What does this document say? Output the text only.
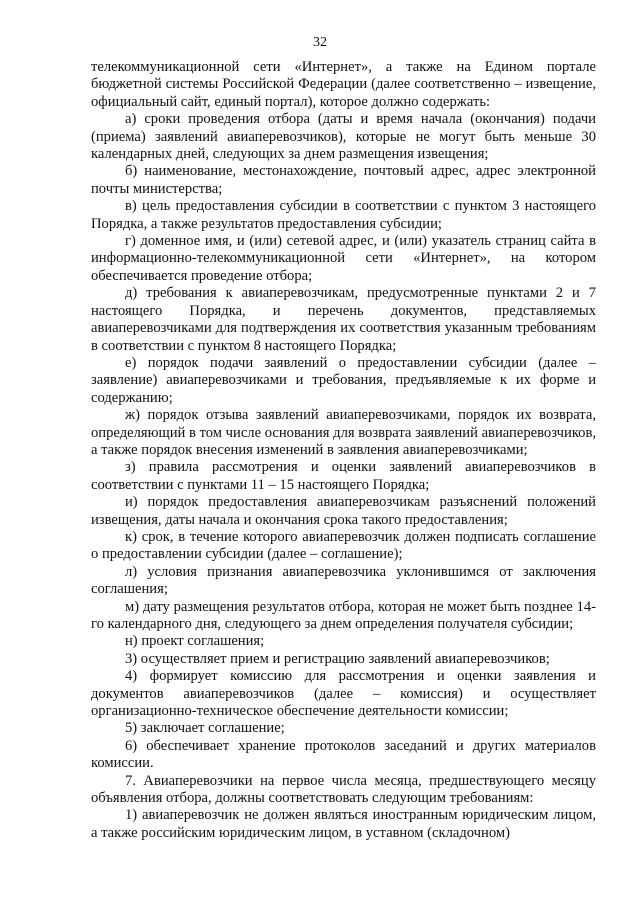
32

телекоммуникационной сети «Интернет», а также на Едином портале бюджетной системы Российской Федерации (далее соответственно – извещение, официальный сайт, единый портал), которое должно содержать:

а) сроки проведения отбора (даты и время начала (окончания) подачи (приема) заявлений авиаперевозчиков), которые не могут быть меньше 30 календарных дней, следующих за днем размещения извещения;

б) наименование, местонахождение, почтовый адрес, адрес электронной почты министерства;

в) цель предоставления субсидии в соответствии с пунктом 3 настоящего Порядка, а также результатов предоставления субсидии;

г) доменное имя, и (или) сетевой адрес, и (или) указатель страниц сайта в информационно-телекоммуникационной сети «Интернет», на котором обеспечивается проведение отбора;

д) требования к авиаперевозчикам, предусмотренные пунктами 2 и 7 настоящего Порядка, и перечень документов, представляемых авиаперевозчиками для подтверждения их соответствия указанным требованиям в соответствии с пунктом 8 настоящего Порядка;

е) порядок подачи заявлений о предоставлении субсидии (далее – заявление) авиаперевозчиками и требования, предъявляемые к их форме и содержанию;

ж) порядок отзыва заявлений авиаперевозчиками, порядок их возврата, определяющий в том числе основания для возврата заявлений авиаперевозчиков, а также порядок внесения изменений в заявления авиаперевозчиками;

з) правила рассмотрения и оценки заявлений авиаперевозчиков в соответствии с пунктами 11 – 15 настоящего Порядка;

и) порядок предоставления авиаперевозчикам разъяснений положений извещения, даты начала и окончания срока такого предоставления;

к) срок, в течение которого авиаперевозчик должен подписать соглашение о предоставлении субсидии (далее – соглашение);

л) условия признания авиаперевозчика уклонившимся от заключения соглашения;

м) дату размещения результатов отбора, которая не может быть позднее 14-го календарного дня, следующего за днем определения получателя субсидии;

н) проект соглашения;

3) осуществляет прием и регистрацию заявлений авиаперевозчиков;

4) формирует комиссию для рассмотрения и оценки заявления и документов авиаперевозчиков (далее – комиссия) и осуществляет организационно-техническое обеспечение деятельности комиссии;

5) заключает соглашение;

6) обеспечивает хранение протоколов заседаний и других материалов комиссии.

7. Авиаперевозчики на первое числа месяца, предшествующего месяцу объявления отбора, должны соответствовать следующим требованиям:

1) авиаперевозчик не должен являться иностранным юридическим лицом, а также российским юридическим лицом, в уставном (складочном)
